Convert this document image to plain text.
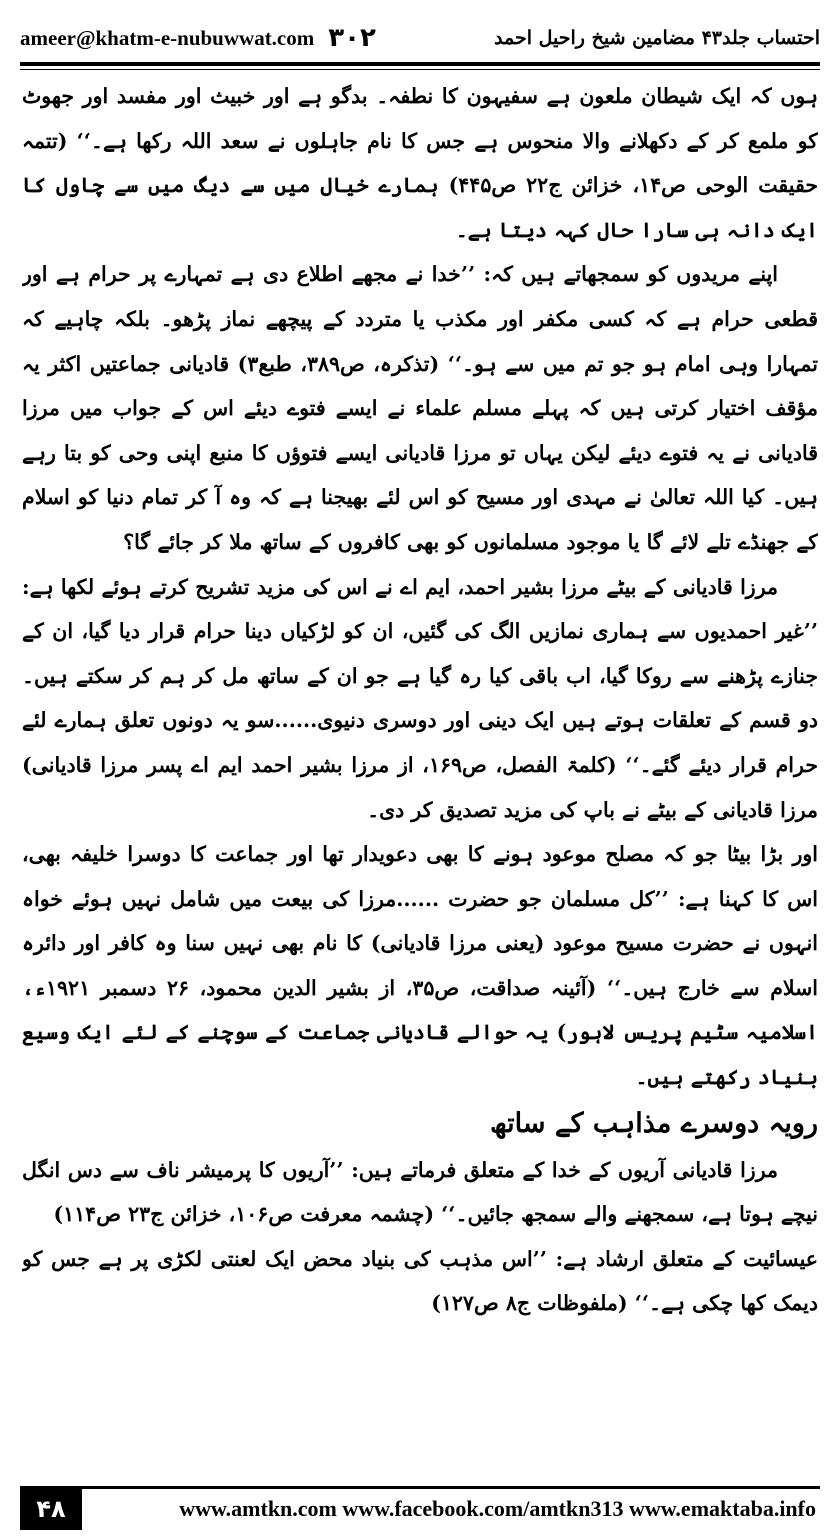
ameer@khatm-e-nubuwwat.com ۳۰۲	احتساب جلد۴۳ مضامین شیخ راحیل احمد

ہوں کہ ایک شیطان ملعون ہے سفیہون کا نطفہ۔ بدگو ہے اور خبیث اور مفسد اور جھوٹ کو ملمع کر کے دکھلانے والا منحوس ہے جس کا نام جاہلوں نے سعد اللہ رکھا ہے۔‘‘ (تتمہ حقیقت الوحی ص۱۴، خزائن ج۲۲ ص۴۴۵) ہمارے خیال میں سے دیگ میں سے چاول کا ایک دانہ ہی سارا حال کہہ دیتا ہے۔

اپنے مریدوں کو سمجھاتے ہیں کہ: ’’خدا نے مجھے اطلاع دی ہے تمہارے پر حرام ہے اور قطعی حرام ہے کہ کسی مکفر اور مکذب یا متردد کے پیچھے نماز پڑھو۔ بلکہ چاہیے کہ تمہارا وہی امام ہو جو تم میں سے ہو۔‘‘ (تذکرہ، ص۳۸۹، طبع۳) قادیانی جماعتیں اکثر یہ مؤقف اختیار کرتی ہیں کہ پہلے مسلم علماء نے ایسے فتوے دیئے اس کے جواب میں مرزا قادیانی نے یہ فتوے دیئے لیکن یہاں تو مرزا قادیانی ایسے فتوؤں کا منبع اپنی وحی کو بتا رہے ہیں۔ کیا اللہ تعالیٰ نے مہدی اور مسیح کو اس لئے بھیجنا ہے کہ وہ آ کر تمام دنیا کو اسلام کے جھنڈے تلے لائے گا یا موجود مسلمانوں کو بھی کافروں کے ساتھ ملا کر جائے گا؟

مرزا قادیانی کے بیٹے مرزا بشیر احمد، ایم اے نے اس کی مزید تشریح کرتے ہوئے لکھا ہے: ’’غیر احمدیوں سے ہماری نمازیں الگ کی گئیں، ان کو لڑکیاں دینا حرام قرار دیا گیا، ان کے جنازے پڑھنے سے روکا گیا، اب باقی کیا رہ گیا ہے جو ان کے ساتھ مل کر ہم کر سکتے ہیں۔ دو قسم کے تعلقات ہوتے ہیں ایک دینی اور دوسری دنیوی......سو یہ دونوں تعلق ہمارے لئے حرام قرار دیئے گئے۔‘‘ (کلمۃ الفصل، ص۱۶۹، از مرزا بشیر احمد ایم اے پسر مرزا قادیانی) مرزا قادیانی کے بیٹے نے باپ کی مزید تصدیق کر دی۔

اور بڑا بیٹا جو کہ مصلح موعود ہونے کا بھی دعویدار تھا اور جماعت کا دوسرا خلیفہ بھی، اس کا کہنا ہے: ’’کل مسلمان جو حضرت ......مرزا کی بیعت میں شامل نہیں ہوئے خواہ انہوں نے حضرت مسیح موعود (یعنی مرزا قادیانی) کا نام بھی نہیں سنا وہ کافر اور دائرہ اسلام سے خارج ہیں۔‘‘ (آئینہ صداقت، ص۳۵، از بشیر الدین محمود، ۲۶ دسمبر ۱۹۲۱ء، اسلامیہ سٹیم پریس لاہور) یہ حوالے قادیانی جماعت کے سوچنے کے لئے ایک وسیع بنیاد رکھتے ہیں۔

رویہ دوسرے مذاہب کے ساتھ

مرزا قادیانی آریوں کے خدا کے متعلق فرماتے ہیں: ’’آریوں کا پرمیشر ناف سے دس انگل نیچے ہوتا ہے، سمجھنے والے سمجھ جائیں۔‘‘ (چشمہ معرفت ص۱۰۶، خزائن ج۲۳ ص۱۱۴)

عیسائیت کے متعلق ارشاد ہے: ’’اس مذہب کی بنیاد محض ایک لعنتی لکڑی پر ہے جس کو دیمک کھا چکی ہے۔‘‘ (ملفوظات ج۸ ص۱۲۷)

۴۸	www.amtkn.com www.facebook.com/amtkn313 www.emaktaba.info
